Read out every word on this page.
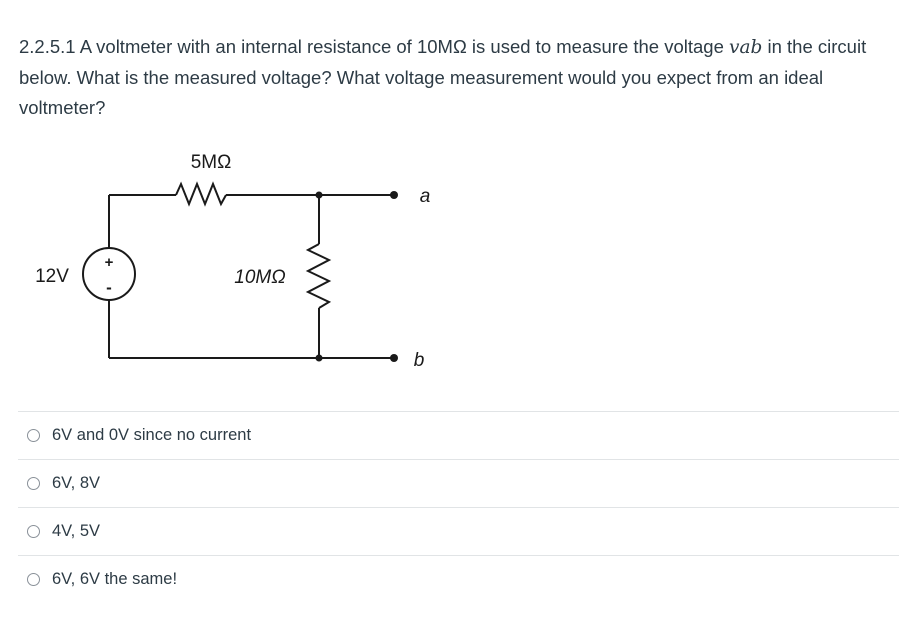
2.2.5.1 A voltmeter with an internal resistance of 10MΩ is used to measure the voltage vab in the circuit below. What is the measured voltage? What voltage measurement would you expect from an ideal voltmeter?
5MΩ
10MΩ
12V
+
-
a
b
6V and 0V since no current
6V, 8V
4V, 5V
6V, 6V the same!
